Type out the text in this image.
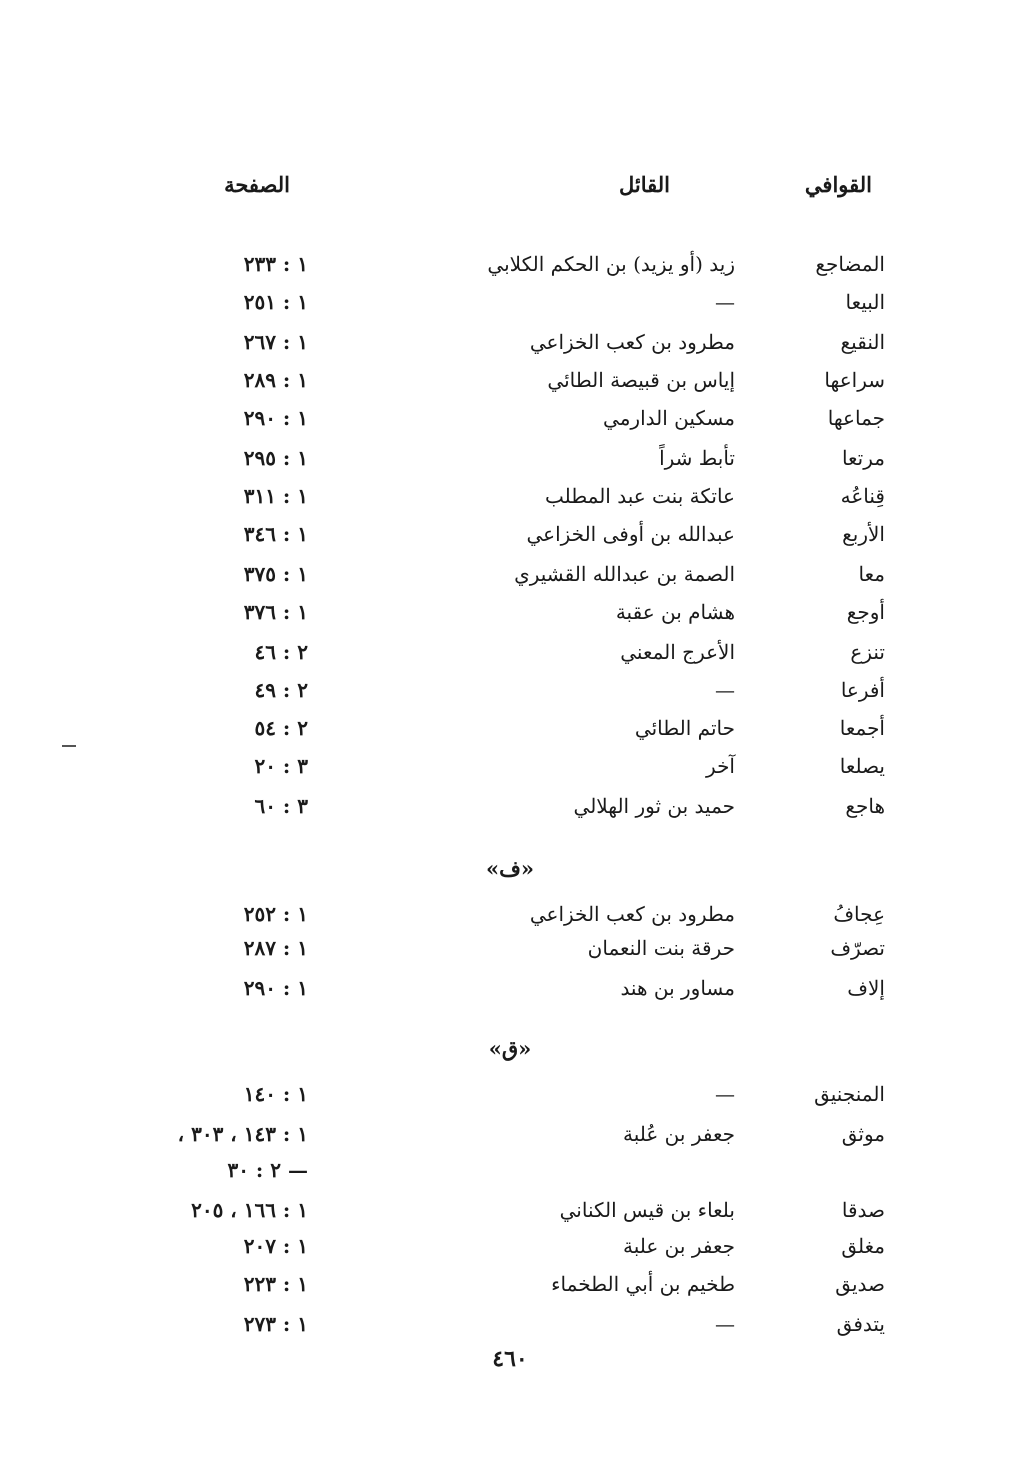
القوافي
القائل
الصفحة
المضاجع
زيد (أو يزيد) بن الحكم الكلابي
١ : ٢٣٣
البيعا
—
١ : ٢٥١
النقيع
مطرود بن كعب الخزاعي
١ : ٢٦٧
سراعها
إياس بن قبيصة الطائي
١ : ٢٨٩
جماعها
مسكين الدارمي
١ : ٢٩٠
مرتعا
تأبط شراً
١ : ٢٩٥
قِناعُه
عاتكة بنت عبد المطلب
١ : ٣١١
الأربع
عبدالله بن أوفى الخزاعي
١ : ٣٤٦
معا
الصمة بن عبدالله القشيري
١ : ٣٧٥
أوجع
هشام بن عقبة
١ : ٣٧٦
تنزع
الأعرج المعني
٢ : ٤٦
أفرعا
—
٢ : ٤٩
أجمعا
حاتم الطائي
٢ : ٥٤
يصلعا
آخر
٣ : ٢٠
هاجع
حميد بن ثور الهلالي
٣ : ٦٠
«ف»
عِجافُ
مطرود بن كعب الخزاعي
١ : ٢٥٢
تصرّف
حرقة بنت النعمان
١ : ٢٨٧
إلاف
مساور بن هند
١ : ٢٩٠
«ق»
المنجنيق
—
١ : ١٤٠
موثق
جعفر بن عُلبة
١ : ١٤٣ ، ٣٠٣ ،
— ٢ : ٣٠
صدقا
بلعاء بن قيس الكناني
١ : ١٦٦ ، ٢٠٥
مغلق
جعفر بن علبة
١ : ٢٠٧
صديق
طخيم بن أبي الطخماء
١ : ٢٢٣
يتدفق
—
١ : ٢٧٣
٤٦٠
